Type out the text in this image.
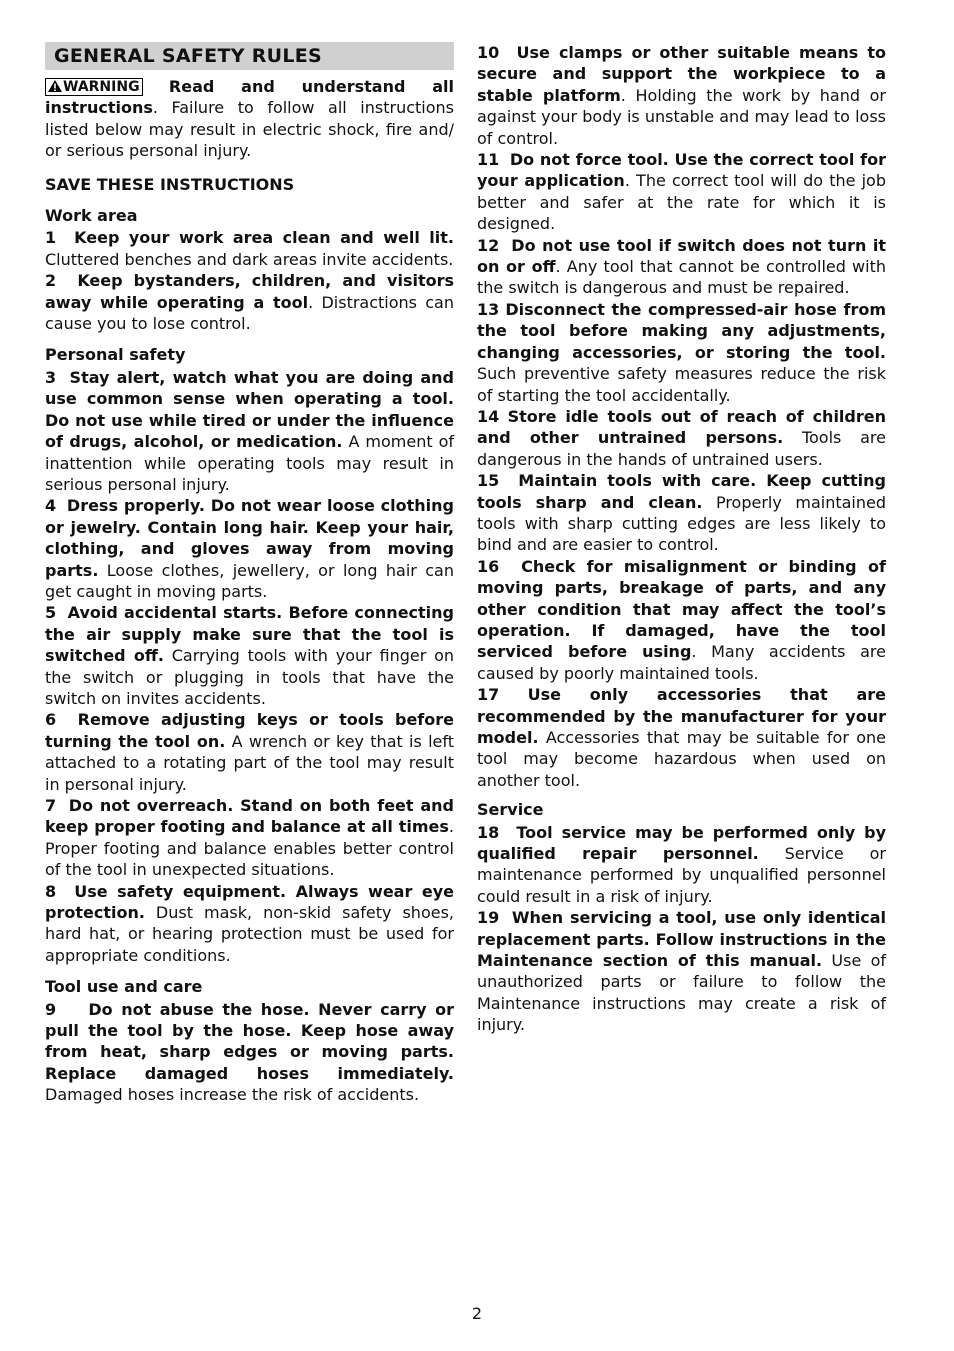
GENERAL SAFETY RULES

WARNING Read and understand all instructions. Failure to follow all instructions listed below may result in electric shock, fire and/ or serious personal injury.

SAVE THESE INSTRUCTIONS
Work area

1 Keep your work area clean and well lit. Cluttered benches and dark areas invite accidents.

2 Keep bystanders, children, and visitors away while operating a tool. Distractions can cause you to lose control.

Personal safety

3 Stay alert, watch what you are doing and use common sense when operating a tool. Do not use while tired or under the influence of drugs, alcohol, or medication. A moment of inattention while operating tools may result in serious personal injury.

4 Dress properly. Do not wear loose clothing or jewelry. Contain long hair. Keep your hair, clothing, and gloves away from moving parts. Loose clothes, jewellery, or long hair can get caught in moving parts.

5 Avoid accidental starts. Before connecting the air supply make sure that the tool is switched off. Carrying tools with your finger on the switch or plugging in tools that have the switch on invites accidents.

6 Remove adjusting keys or tools before turning the tool on. A wrench or key that is left attached to a rotating part of the tool may result in personal injury.

7 Do not overreach. Stand on both feet and keep proper footing and balance at all times. Proper footing and balance enables better control of the tool in unexpected situations.

8 Use safety equipment. Always wear eye protection. Dust mask, non-skid safety shoes, hard hat, or hearing protection must be used for appropriate conditions.

Tool use and care

9 Do not abuse the hose. Never carry or pull the tool by the hose. Keep hose away from heat, sharp edges or moving parts. Replace damaged hoses immediately. Damaged hoses increase the risk of accidents.

10 Use clamps or other suitable means to secure and support the workpiece to a stable platform. Holding the work by hand or against your body is unstable and may lead to loss of control.

11 Do not force tool. Use the correct tool for your application. The correct tool will do the job better and safer at the rate for which it is designed.

12 Do not use tool if switch does not turn it on or off. Any tool that cannot be controlled with the switch is dangerous and must be repaired.

13 Disconnect the compressed-air hose from the tool before making any adjustments, changing accessories, or storing the tool. Such preventive safety measures reduce the risk of starting the tool accidentally.

14 Store idle tools out of reach of children and other untrained persons. Tools are dangerous in the hands of untrained users.

15 Maintain tools with care. Keep cutting tools sharp and clean. Properly maintained tools with sharp cutting edges are less likely to bind and are easier to control.

16 Check for misalignment or binding of moving parts, breakage of parts, and any other condition that may affect the tool’s operation. If damaged, have the tool serviced before using. Many accidents are caused by poorly maintained tools.

17 Use only accessories that are recommended by the manufacturer for your model. Accessories that may be suitable for one tool may become hazardous when used on another tool.

Service

18 Tool service may be performed only by qualified repair personnel. Service or maintenance performed by unqualified personnel could result in a risk of injury.

19 When servicing a tool, use only identical replacement parts. Follow instructions in the Maintenance section of this manual. Use of unauthorized parts or failure to follow the Maintenance instructions may create a risk of injury.

2
